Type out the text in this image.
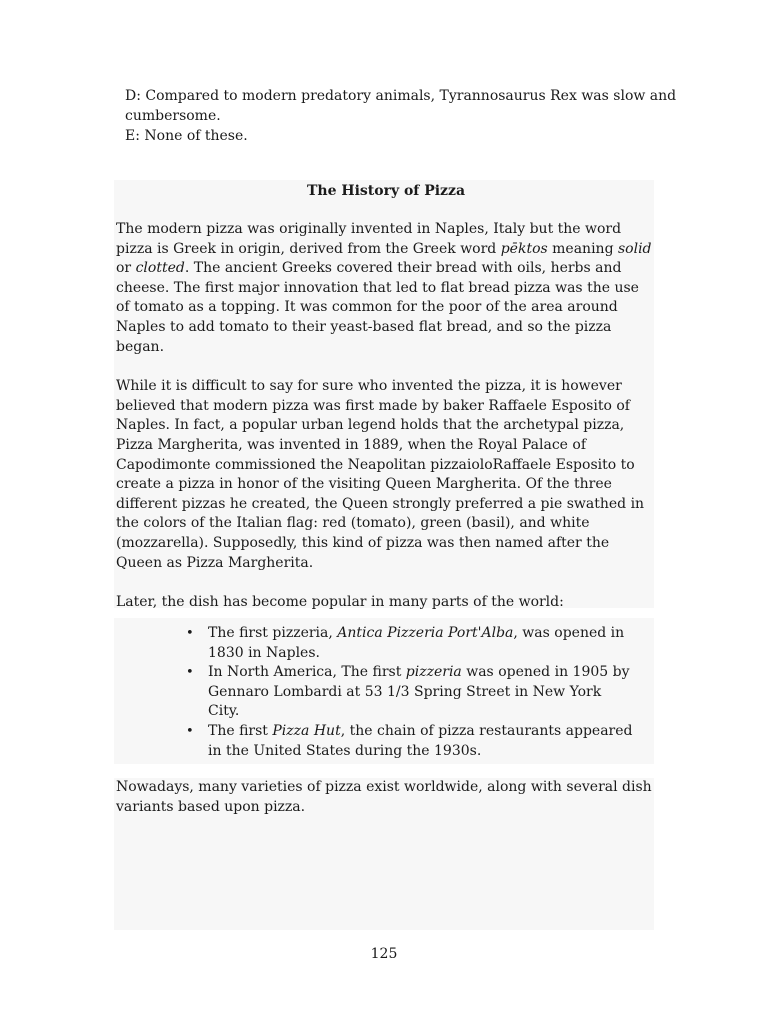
D: Compared to modern predatory animals, Tyrannosaurus Rex was slow and cumbersome.

E: None of these.

The History of Pizza

The modern pizza was originally invented in Naples, Italy but the word pizza is Greek in origin, derived from the Greek word pēktos meaning solid or clotted. The ancient Greeks covered their bread with oils, herbs and cheese. The first major innovation that led to flat bread pizza was the use of tomato as a topping. It was common for the poor of the area around Naples to add tomato to their yeast-based flat bread, and so the pizza began.

While it is difficult to say for sure who invented the pizza, it is however believed that modern pizza was first made by baker Raffaele Esposito of Naples. In fact, a popular urban legend holds that the archetypal pizza, Pizza Margherita, was invented in 1889, when the Royal Palace of Capodimonte commissioned the Neapolitan pizzaioloRaffaele Esposito to create a pizza in honor of the visiting Queen Margherita. Of the three different pizzas he created, the Queen strongly preferred a pie swathed in the colors of the Italian flag: red (tomato), green (basil), and white (mozzarella). Supposedly, this kind of pizza was then named after the Queen as Pizza Margherita.

Later, the dish has become popular in many parts of the world:

• The first pizzeria, Antica Pizzeria Port'Alba, was opened in 1830 in Naples.
• In North America, The first pizzeria was opened in 1905 by Gennaro Lombardi at 53 1/3 Spring Street in New York City.
• The first Pizza Hut, the chain of pizza restaurants appeared in the United States during the 1930s.

Nowadays, many varieties of pizza exist worldwide, along with several dish variants based upon pizza.

125
